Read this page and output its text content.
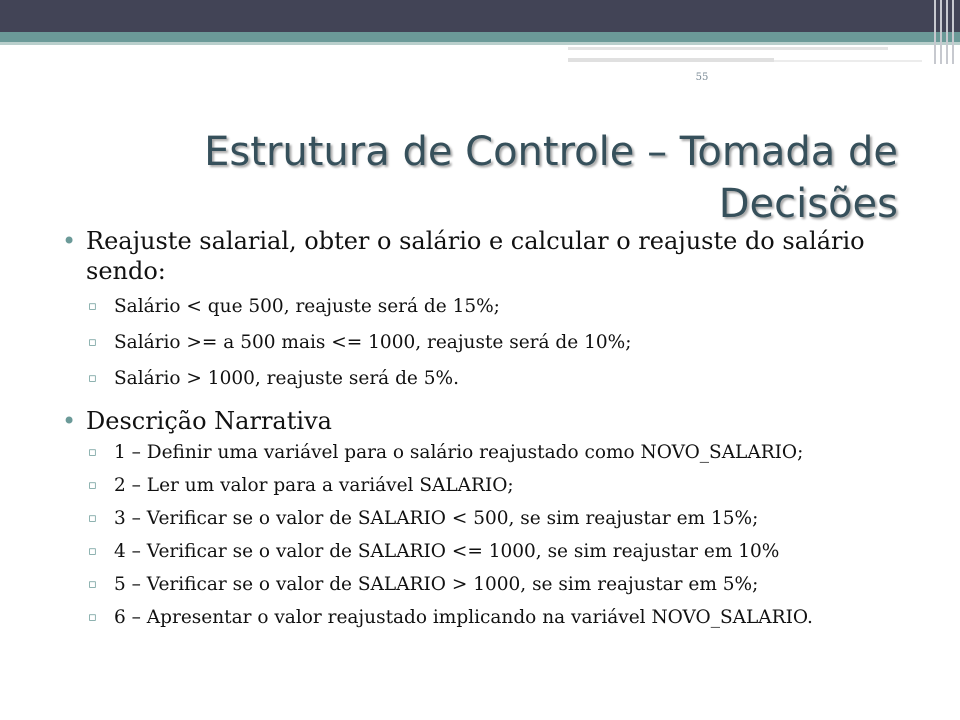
55
Estrutura de Controle – Tomada de Decisões
• Reajuste salarial, obter o salário e calcular o reajuste do salário sendo:
▫ Salário < que 500, reajuste será de 15%;
▫ Salário >= a 500 mais <= 1000, reajuste será de 10%;
▫ Salário > 1000, reajuste será de 5%.
• Descrição Narrativa
▫ 1 – Definir uma variável para o salário reajustado como NOVO_SALARIO;
▫ 2 – Ler um valor para a variável SALARIO;
▫ 3 – Verificar se o valor de SALARIO < 500, se sim reajustar em 15%;
▫ 4 – Verificar se o valor de SALARIO <= 1000, se sim reajustar em 10%
▫ 5 – Verificar se o valor de SALARIO > 1000, se sim reajustar em 5%;
▫ 6 – Apresentar o valor reajustado implicando na variável NOVO_SALARIO.
